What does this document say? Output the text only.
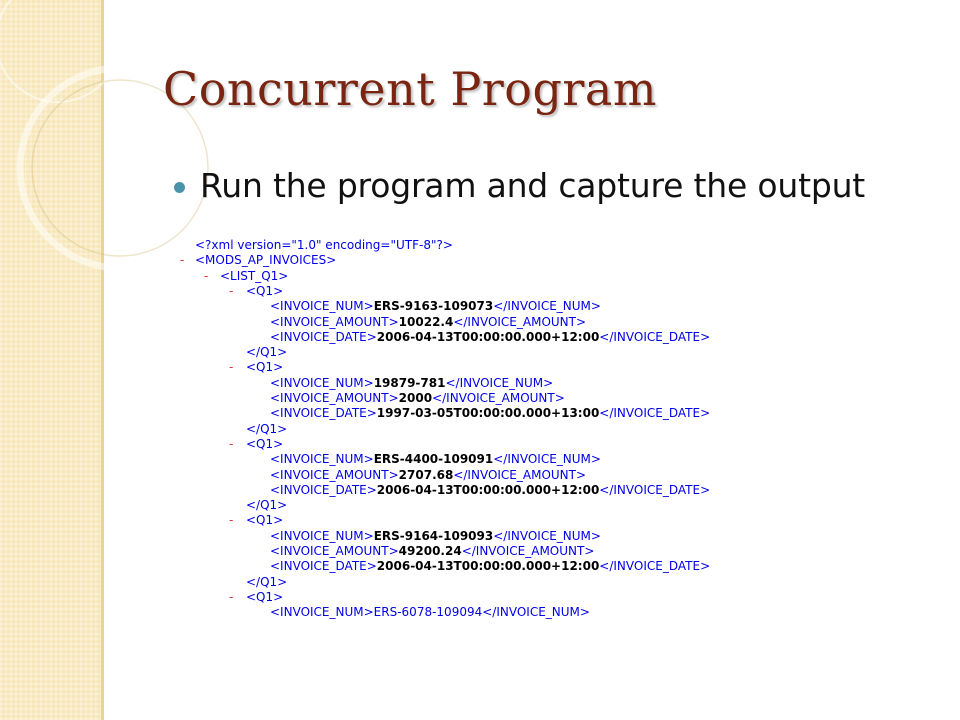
Concurrent Program
Run the program and capture the output
<?xml version="1.0" encoding="UTF-8"?>
- <MODS_AP_INVOICES>
- <LIST_Q1>
- <Q1>
<INVOICE_NUM>ERS-9163-109073</INVOICE_NUM>
<INVOICE_AMOUNT>10022.4</INVOICE_AMOUNT>
<INVOICE_DATE>2006-04-13T00:00:00.000+12:00</INVOICE_DATE>
</Q1>
- <Q1>
<INVOICE_NUM>19879-781</INVOICE_NUM>
<INVOICE_AMOUNT>2000</INVOICE_AMOUNT>
<INVOICE_DATE>1997-03-05T00:00:00.000+13:00</INVOICE_DATE>
</Q1>
- <Q1>
<INVOICE_NUM>ERS-4400-109091</INVOICE_NUM>
<INVOICE_AMOUNT>2707.68</INVOICE_AMOUNT>
<INVOICE_DATE>2006-04-13T00:00:00.000+12:00</INVOICE_DATE>
</Q1>
- <Q1>
<INVOICE_NUM>ERS-9164-109093</INVOICE_NUM>
<INVOICE_AMOUNT>49200.24</INVOICE_AMOUNT>
<INVOICE_DATE>2006-04-13T00:00:00.000+12:00</INVOICE_DATE>
</Q1>
- <Q1>
<INVOICE_NUM>ERS-6078-109094</INVOICE_NUM>
